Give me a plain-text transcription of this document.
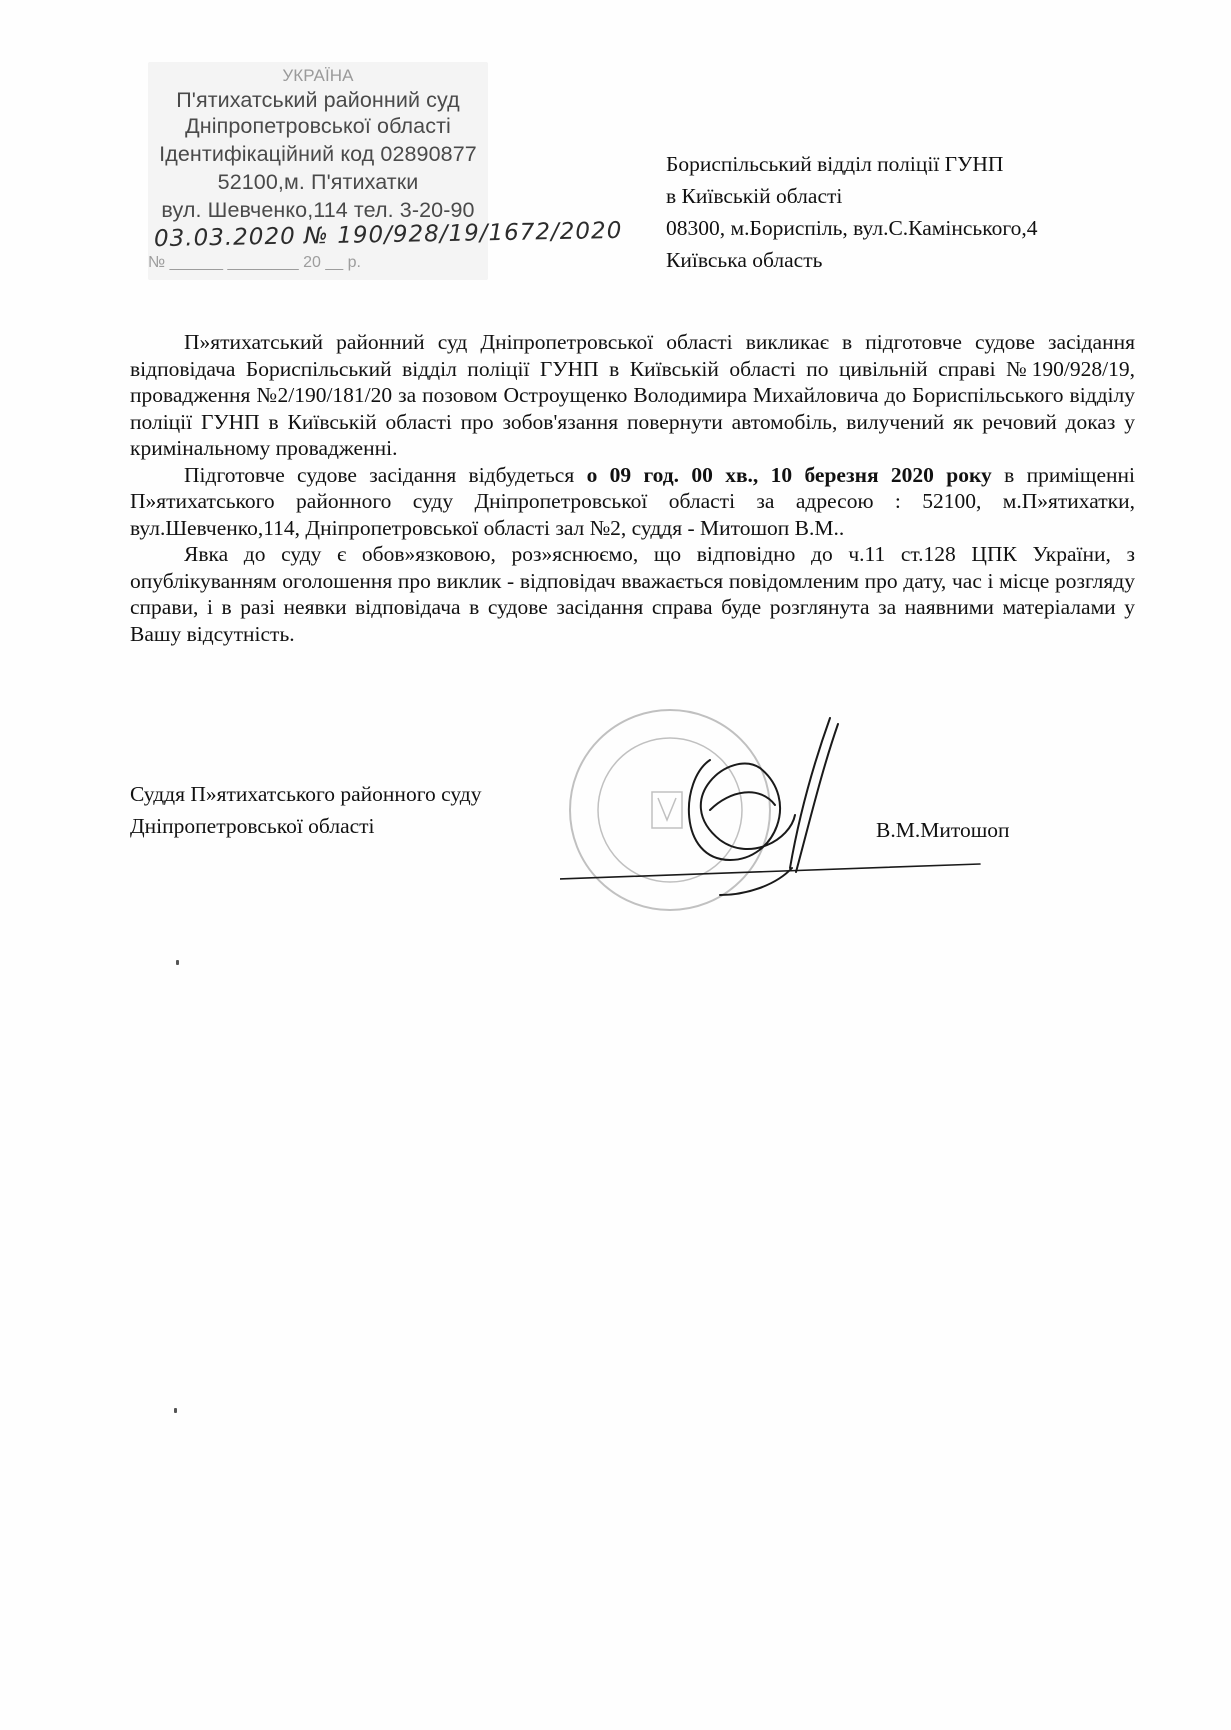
УКРАЇНА
П'ятихатський районний суд
Дніпропетровської області
Ідентифікаційний код 02890877
52100,м. П'ятихатки
вул. Шевченко,114 тел. 3-20-90
03.03.2020 № 190/928/19/1672/2020
№ ______ ________ 20 __ р.
Бориспільський відділ поліції ГУНП
в Київській області
08300, м.Бориспіль, вул.С.Камінського,4
Київська область

П»ятихатський районний суд Дніпропетровської області викликає в підготовче судове засідання відповідача Бориспільський відділ поліції ГУНП в Київській області по цивільній справі №190/928/19, провадження №2/190/181/20 за позовом Остроущенко Володимира Михайловича до Бориспільського відділу поліції ГУНП в Київській області про зобов'язання повернути автомобіль, вилучений як речовий доказ у кримінальному провадженні.

Підготовче судове засідання відбудеться о 09 год. 00 хв., 10 березня 2020 року в приміщенні П»ятихатського районного суду Дніпропетровської області за адресою : 52100, м.П»ятихатки, вул.Шевченко,114, Дніпропетровської області зал №2, суддя - Митошоп В.М..

Явка до суду є обов»язковою, роз»яснюємо, що відповідно до ч.11 ст.128 ЦПК України, з опублікуванням оголошення про виклик - відповідач вважається повідомленим про дату, час і місце розгляду справи, і в разі неявки відповідача в судове засідання справа буде розглянута за наявними матеріалами у Вашу відсутність.

Суддя П»ятихатського районного суду
Дніпропетровської області	В.М.Митошоп
